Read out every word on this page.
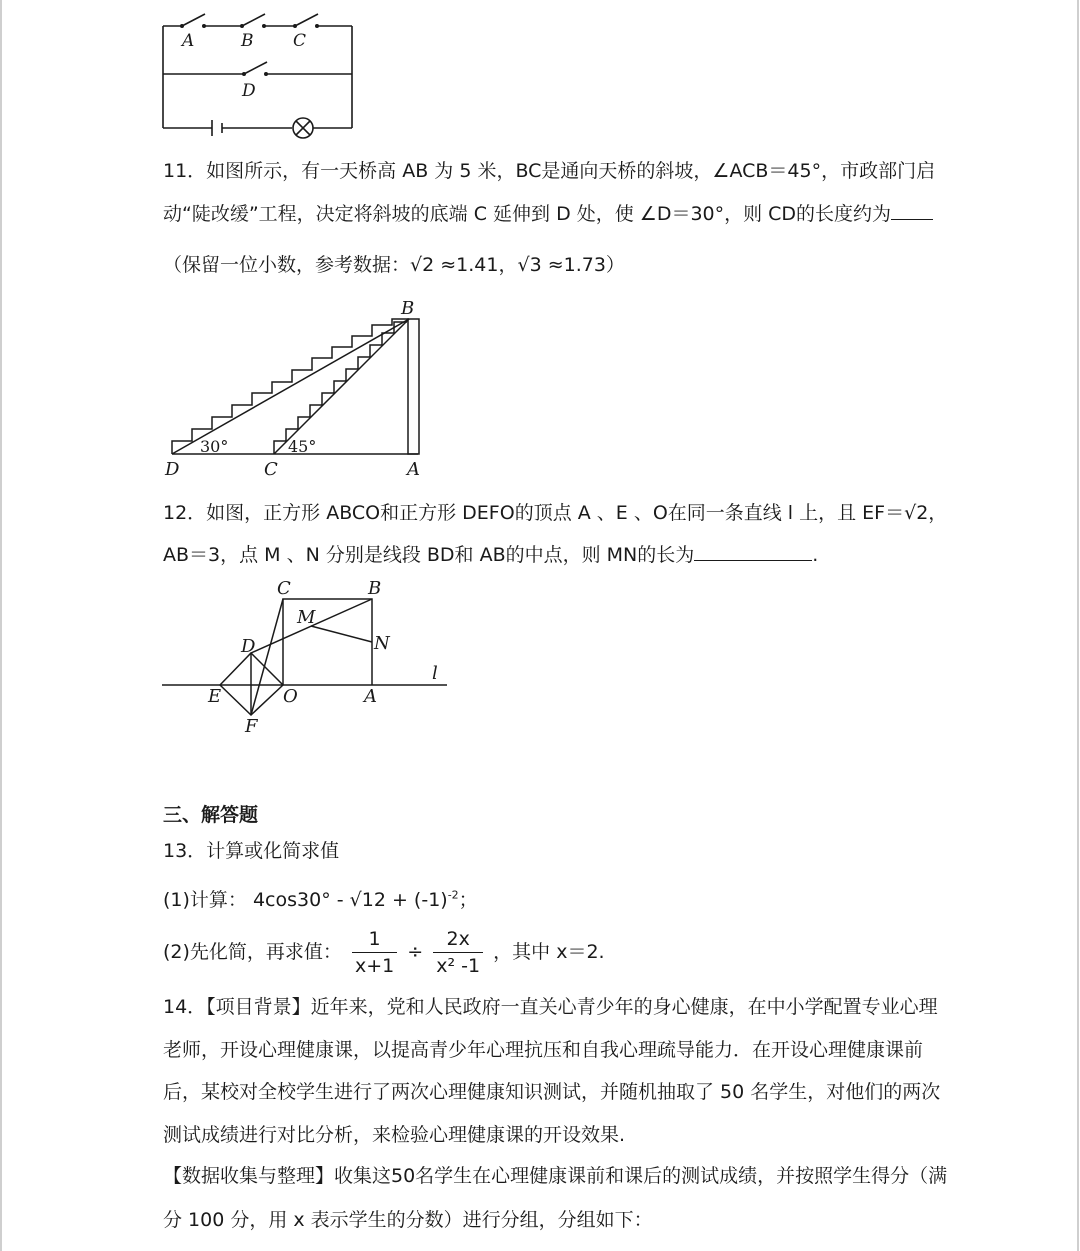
A	B C
D
11．如图所示，有一天桥高 AB 为 5 米，BC是通向天桥的斜坡，∠ACB＝45°，市政部门启
动“陡改缓”工程，决定将斜坡的底端 C 延伸到 D 处，使 ∠D＝30°，则 CD的长度约为
（保留一位小数，参考数据：√2 ≈1.41，√3 ≈1.73）
B
D	C	A
30°	45°
12．如图，正方形 ABCO和正方形 DEFO的顶点 A 、E 、O在同一条直线 l 上，且 EF＝√2，
AB＝3，点 M 、N 分别是线段 BD和 AB的中点，则 MN的长为	.
C	B
M
N
D
l
E	O	A
F
三、解答题
13．计算或化简求值
(1)计算： $4\cos 30^\circ - √12 + (-1)^{-2}$；
(2)先化简，再求值： $\frac{1}{x+1} \div \frac{2x}{\text{x² -1}}$ ，其中 x＝2.
14．【项目背景】近年来，党和人民政府一直关心青少年的身心健康，在中小学配置专业心理
老师，开设心理健康课，以提高青少年心理抗压和自我心理疏导能力．在开设心理健康课前
后，某校对全校学生进行了两次心理健康知识测试，并随机抽取了 50 名学生，对他们的两次
测试成绩进行对比分析，来检验心理健康课的开设效果.
【数据收集与整理】收集这50名学生在心理健康课前和课后的测试成绩，并按照学生得分（满
分 100 分，用 x 表示学生的分数）进行分组，分组如下：
